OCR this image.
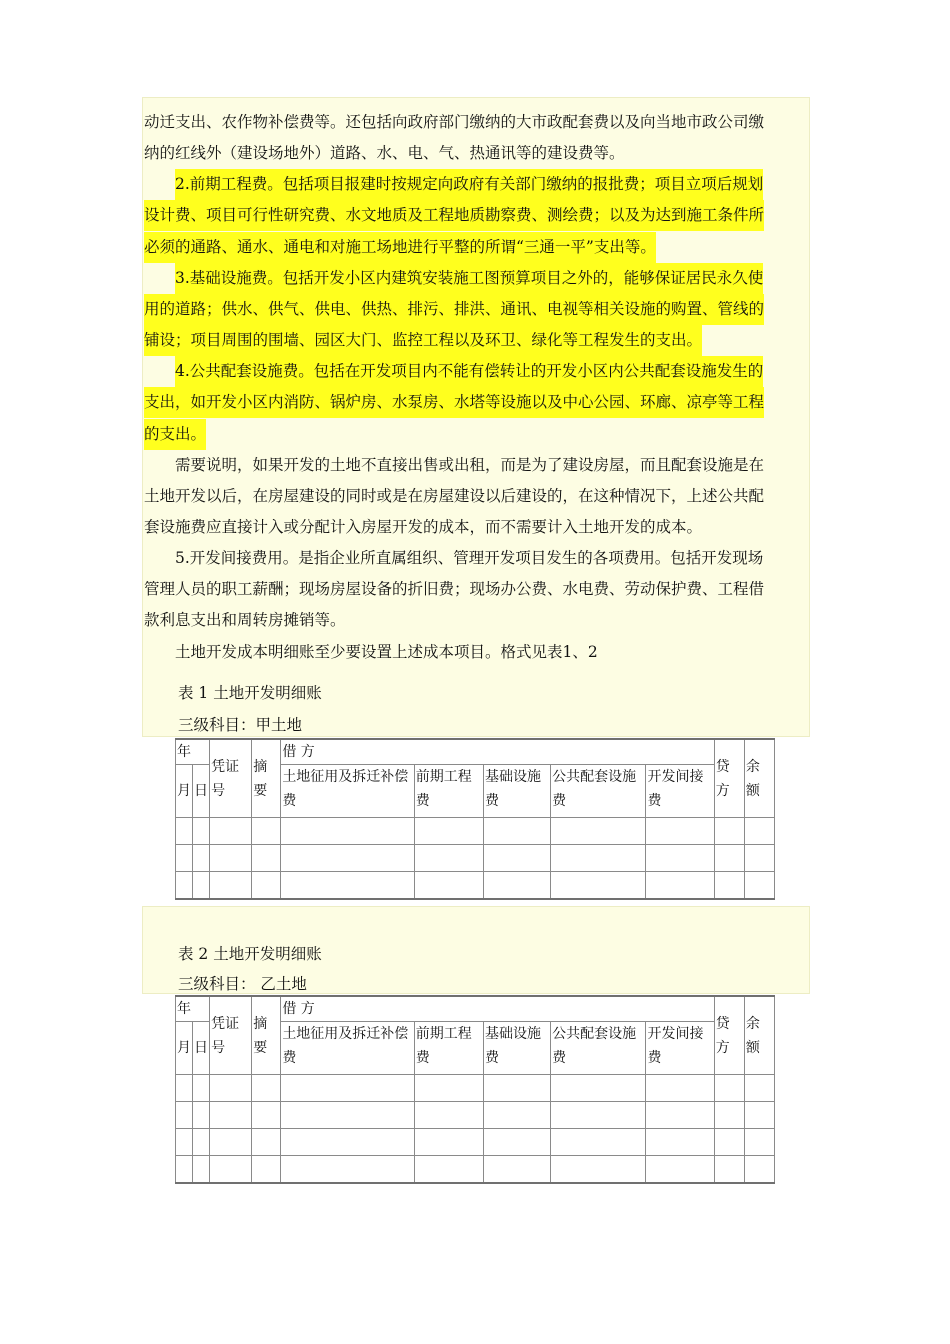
动迁支出、农作物补偿费等。还包括向政府部门缴纳的大市政配套费以及向当地市政公司缴
纳的红线外（建设场地外）道路、水、电、气、热通讯等的建设费等。
2.前期工程费。包括项目报建时按规定向政府有关部门缴纳的报批费；项目立项后规划
设计费、项目可行性研究费、水文地质及工程地质勘察费、测绘费；以及为达到施工条件所
必须的通路、通水、通电和对施工场地进行平整的所谓“三通一平”支出等。
3.基础设施费。包括开发小区内建筑安装施工图预算项目之外的，能够保证居民永久使
用的道路；供水、供气、供电、供热、排污、排洪、通讯、电视等相关设施的购置、管线的
铺设；项目周围的围墙、园区大门、监控工程以及环卫、绿化等工程发生的支出。
4.公共配套设施费。包括在开发项目内不能有偿转让的开发小区内公共配套设施发生的
支出，如开发小区内消防、锅炉房、水泵房、水塔等设施以及中心公园、环廊、凉亭等工程
的支出。
需要说明，如果开发的土地不直接出售或出租，而是为了建设房屋，而且配套设施是在
土地开发以后，在房屋建设的同时或是在房屋建设以后建设的，在这种情况下，上述公共配
套设施费应直接计入或分配计入房屋开发的成本，而不需要计入土地开发的成本。
5.开发间接费用。是指企业所直属组织、管理开发项目发生的各项费用。包括开发现场
管理人员的职工薪酬；现场房屋设备的折旧费；现场办公费、水电费、劳动保护费、工程借
款利息支出和周转房摊销等。
土地开发成本明细账至少要设置上述成本项目。格式见表1、2
表 1 土地开发明细账
三级科目：甲土地
表 2 土地开发明细账
三级科目： 乙土地
年		凭证号	摘要	借 方					贷方	余额
月	日			土地征用及拆迁补偿费	前期工程费	基础设施费	公共配套设施费	开发间接费		

年		凭证号	摘要	借 方					贷方	余额
月	日			土地征用及拆迁补偿费	前期工程费	基础设施费	公共配套设施费	开发间接费		
